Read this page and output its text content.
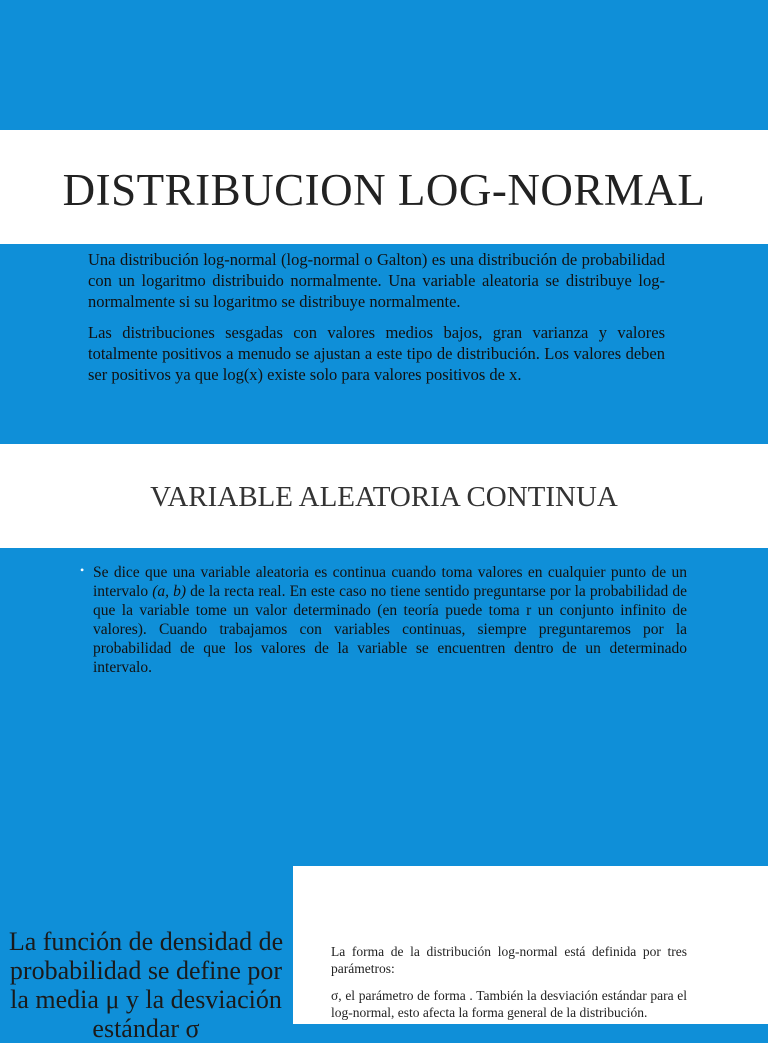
DISTRIBUCION LOG-NORMAL

Una distribución log-normal (log-normal o Galton) es una distribución de probabilidad con un logaritmo distribuido normalmente. Una variable aleatoria se distribuye log-normalmente si su logaritmo se distribuye normalmente.

Las distribuciones sesgadas con valores medios bajos, gran varianza y valores totalmente positivos a menudo se ajustan a este tipo de distribución. Los valores deben ser positivos ya que log(x) existe solo para valores positivos de x.

VARIABLE ALEATORIA CONTINUA
• Se dice que una variable aleatoria es continua cuando toma valores en cualquier punto de un intervalo (a, b) de la recta real. En este caso no tiene sentido preguntarse por la probabilidad de que la variable tome un valor determinado (en teoría puede toma r un conjunto infinito de valores). Cuando trabajamos con variables continuas, siempre preguntaremos por la probabilidad de que los valores de la variable se encuentren dentro de un determinado intervalo.

La función de densidad de probabilidad se define por la media μ y la desviación estándar σ

La forma de la distribución log-normal está definida por tres parámetros:

σ, el parámetro de forma . También la desviación estándar para el log-normal, esto afecta la forma general de la distribución.
